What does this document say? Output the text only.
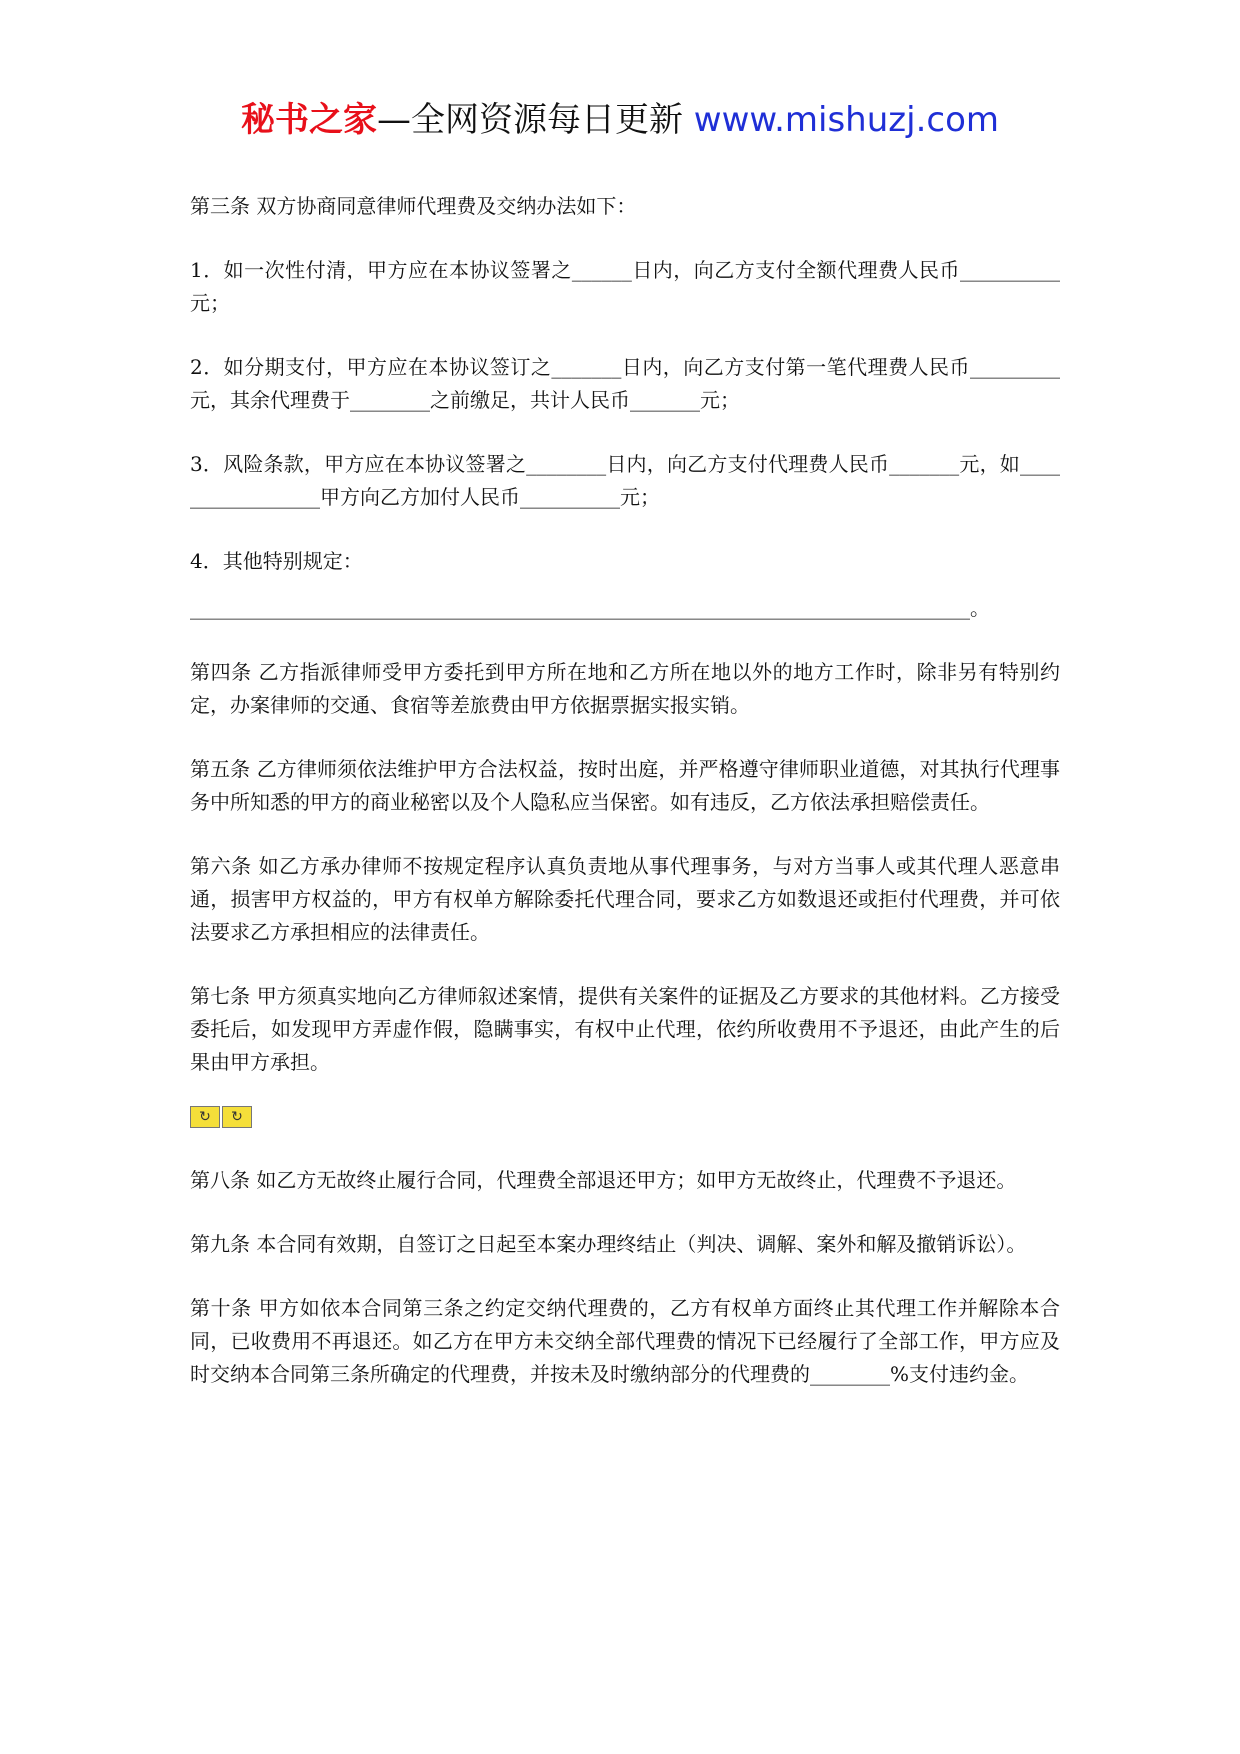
秘书之家—全网资源每日更新 www.mishuzj.com

第三条 双方协商同意律师代理费及交纳办法如下：

1．如一次性付清，甲方应在本协议签署之______日内，向乙方支付全额代理费人民币__________元；

2．如分期支付，甲方应在本协议签订之_______日内，向乙方支付第一笔代理费人民币_________元，其余代理费于________之前缴足，共计人民币_______元；

3．风险条款，甲方应在本协议签署之________日内，向乙方支付代理费人民币_______元，如_________________甲方向乙方加付人民币__________元；

4．其他特别规定：

______________________________________________________________________________。

第四条 乙方指派律师受甲方委托到甲方所在地和乙方所在地以外的地方工作时，除非另有特别约定，办案律师的交通、食宿等差旅费由甲方依据票据实报实销。

第五条 乙方律师须依法维护甲方合法权益，按时出庭，并严格遵守律师职业道德，对其执行代理事务中所知悉的甲方的商业秘密以及个人隐私应当保密。如有违反，乙方依法承担赔偿责任。

第六条 如乙方承办律师不按规定程序认真负责地从事代理事务，与对方当事人或其代理人恶意串通，损害甲方权益的，甲方有权单方解除委托代理合同，要求乙方如数退还或拒付代理费，并可依法要求乙方承担相应的法律责任。

第七条 甲方须真实地向乙方律师叙述案情，提供有关案件的证据及乙方要求的其他材料。乙方接受委托后，如发现甲方弄虚作假，隐瞒事实，有权中止代理，依约所收费用不予退还，由此产生的后果由甲方承担。

↻	↻

第八条 如乙方无故终止履行合同，代理费全部退还甲方；如甲方无故终止，代理费不予退还。

第九条 本合同有效期，自签订之日起至本案办理终结止（判决、调解、案外和解及撤销诉讼）。

第十条 甲方如依本合同第三条之约定交纳代理费的，乙方有权单方面终止其代理工作并解除本合同，已收费用不再退还。如乙方在甲方未交纳全部代理费的情况下已经履行了全部工作，甲方应及时交纳本合同第三条所确定的代理费，并按未及时缴纳部分的代理费的________%支付违约金。
